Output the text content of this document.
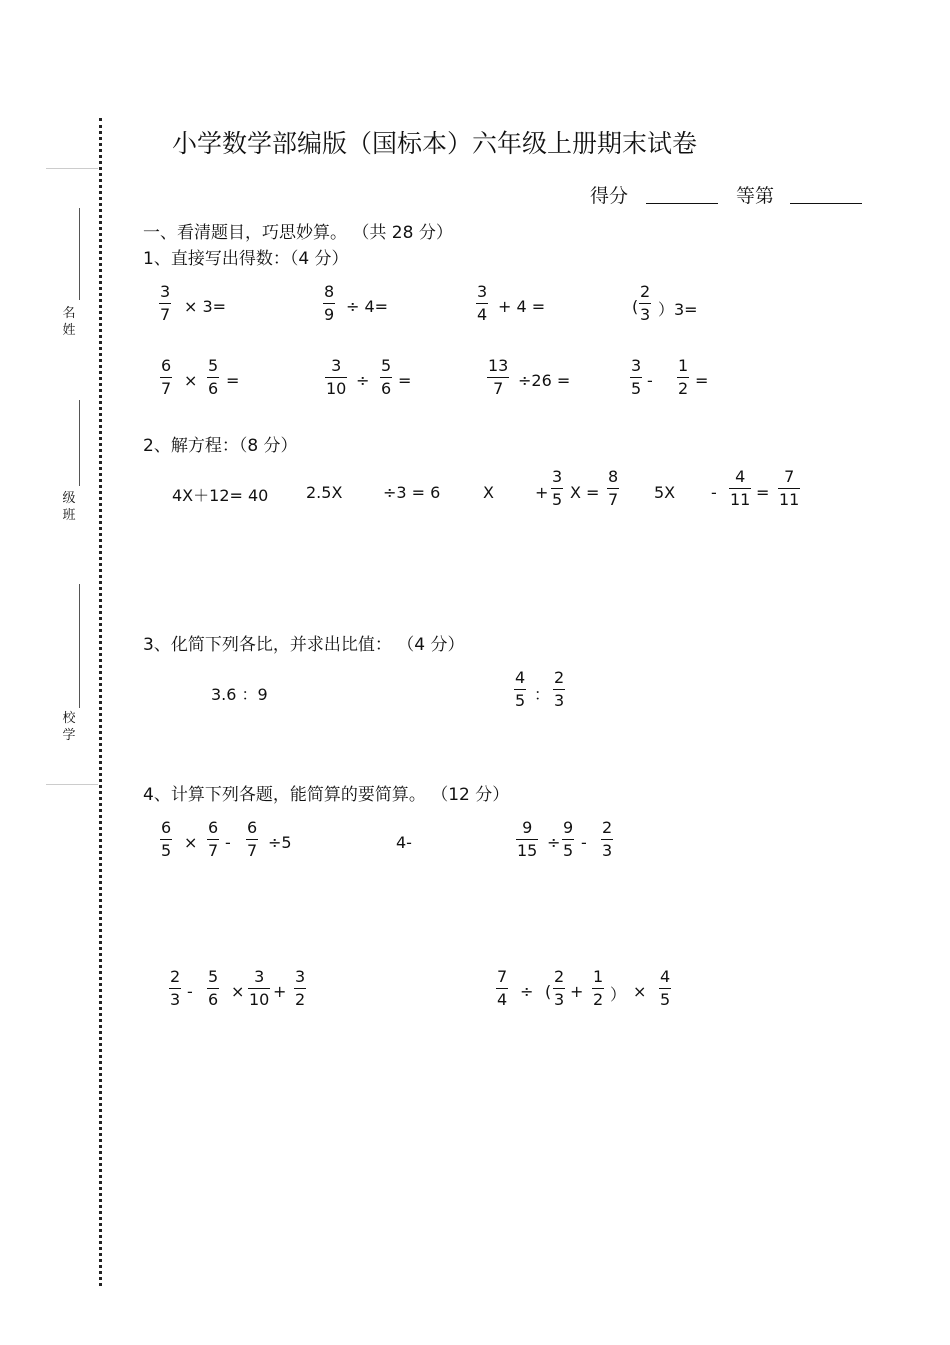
名姓
级班
校学
小学数学部编版（国标本）六年级上册期末试卷
得分	等第
一、看清题目，巧思妙算。 （共 28 分）
1、直接写出得数：（4 分）
3
7 × 3=
8
9 ÷ 4=
3
4 + 4 =	(
2
3 ）3=
6
7 ×
5
6 =
3
10 ÷
5
6 =
13
7 ÷26 =
3
5 -
1
2 =
2、解方程：（8 分）
4X＋12= 40 2.5X	÷3 = 6	X	+
3
5 X =
8
7 5X -
4
11 =
7
11
3、化简下列各比，并求出比值： （4 分）
3.6 ：9
4
5 ：
2
3
4、计算下列各题，能简算的要简算。 （12 分）
6
5 ×
6
7 -
6
7 ÷5	4-
9
15 ÷
9
5 -
2
3
2
3 -
5
6 ×
3
10 +
3
2
7
4 ÷ (
2
3 +
1
2 ） ×
4
5
